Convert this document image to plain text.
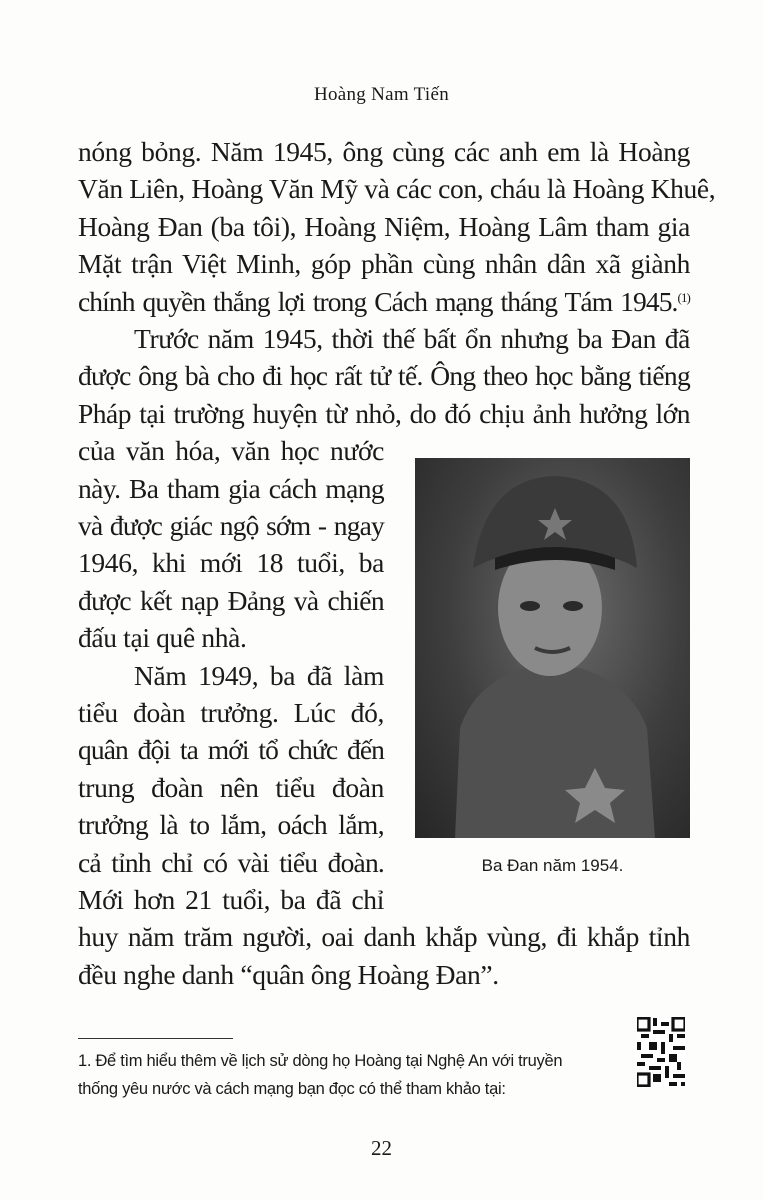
Hoàng Nam Tiến
nóng bỏng. Năm 1945, ông cùng các anh em là Hoàng
Văn Liên, Hoàng Văn Mỹ và các con, cháu là Hoàng Khuê,
Hoàng Đan (ba tôi), Hoàng Niệm, Hoàng Lâm tham gia
Mặt trận Việt Minh, góp phần cùng nhân dân xã giành
chính quyền thắng lợi trong Cách mạng tháng Tám 1945.$^{(1)}$
Trước năm 1945, thời thế bất ổn nhưng ba Đan đã
được ông bà cho đi học rất tử tế. Ông theo học bằng tiếng
Pháp tại trường huyện từ nhỏ, do đó chịu ảnh hưởng lớn
của văn hóa, văn học nước
này. Ba tham gia cách mạng
và được giác ngộ sớm - ngay
1946, khi mới 18 tuổi, ba
được kết nạp Đảng và chiến
đấu tại quê nhà.
Năm 1949, ba đã làm
tiểu đoàn trưởng. Lúc đó,
quân đội ta mới tổ chức đến
trung đoàn nên tiểu đoàn
trưởng là to lắm, oách lắm,
cả tỉnh chỉ có vài tiểu đoàn.
Mới hơn 21 tuổi, ba đã chỉ
huy năm trăm người, oai danh khắp vùng, đi khắp tỉnh
đều nghe danh “quân ông Hoàng Đan”.
Ba Đan năm 1954.
1. Để tìm hiểu thêm về lịch sử dòng họ Hoàng tại Nghệ An với truyền
thống yêu nước và cách mạng bạn đọc có thể tham khảo tại:
22
